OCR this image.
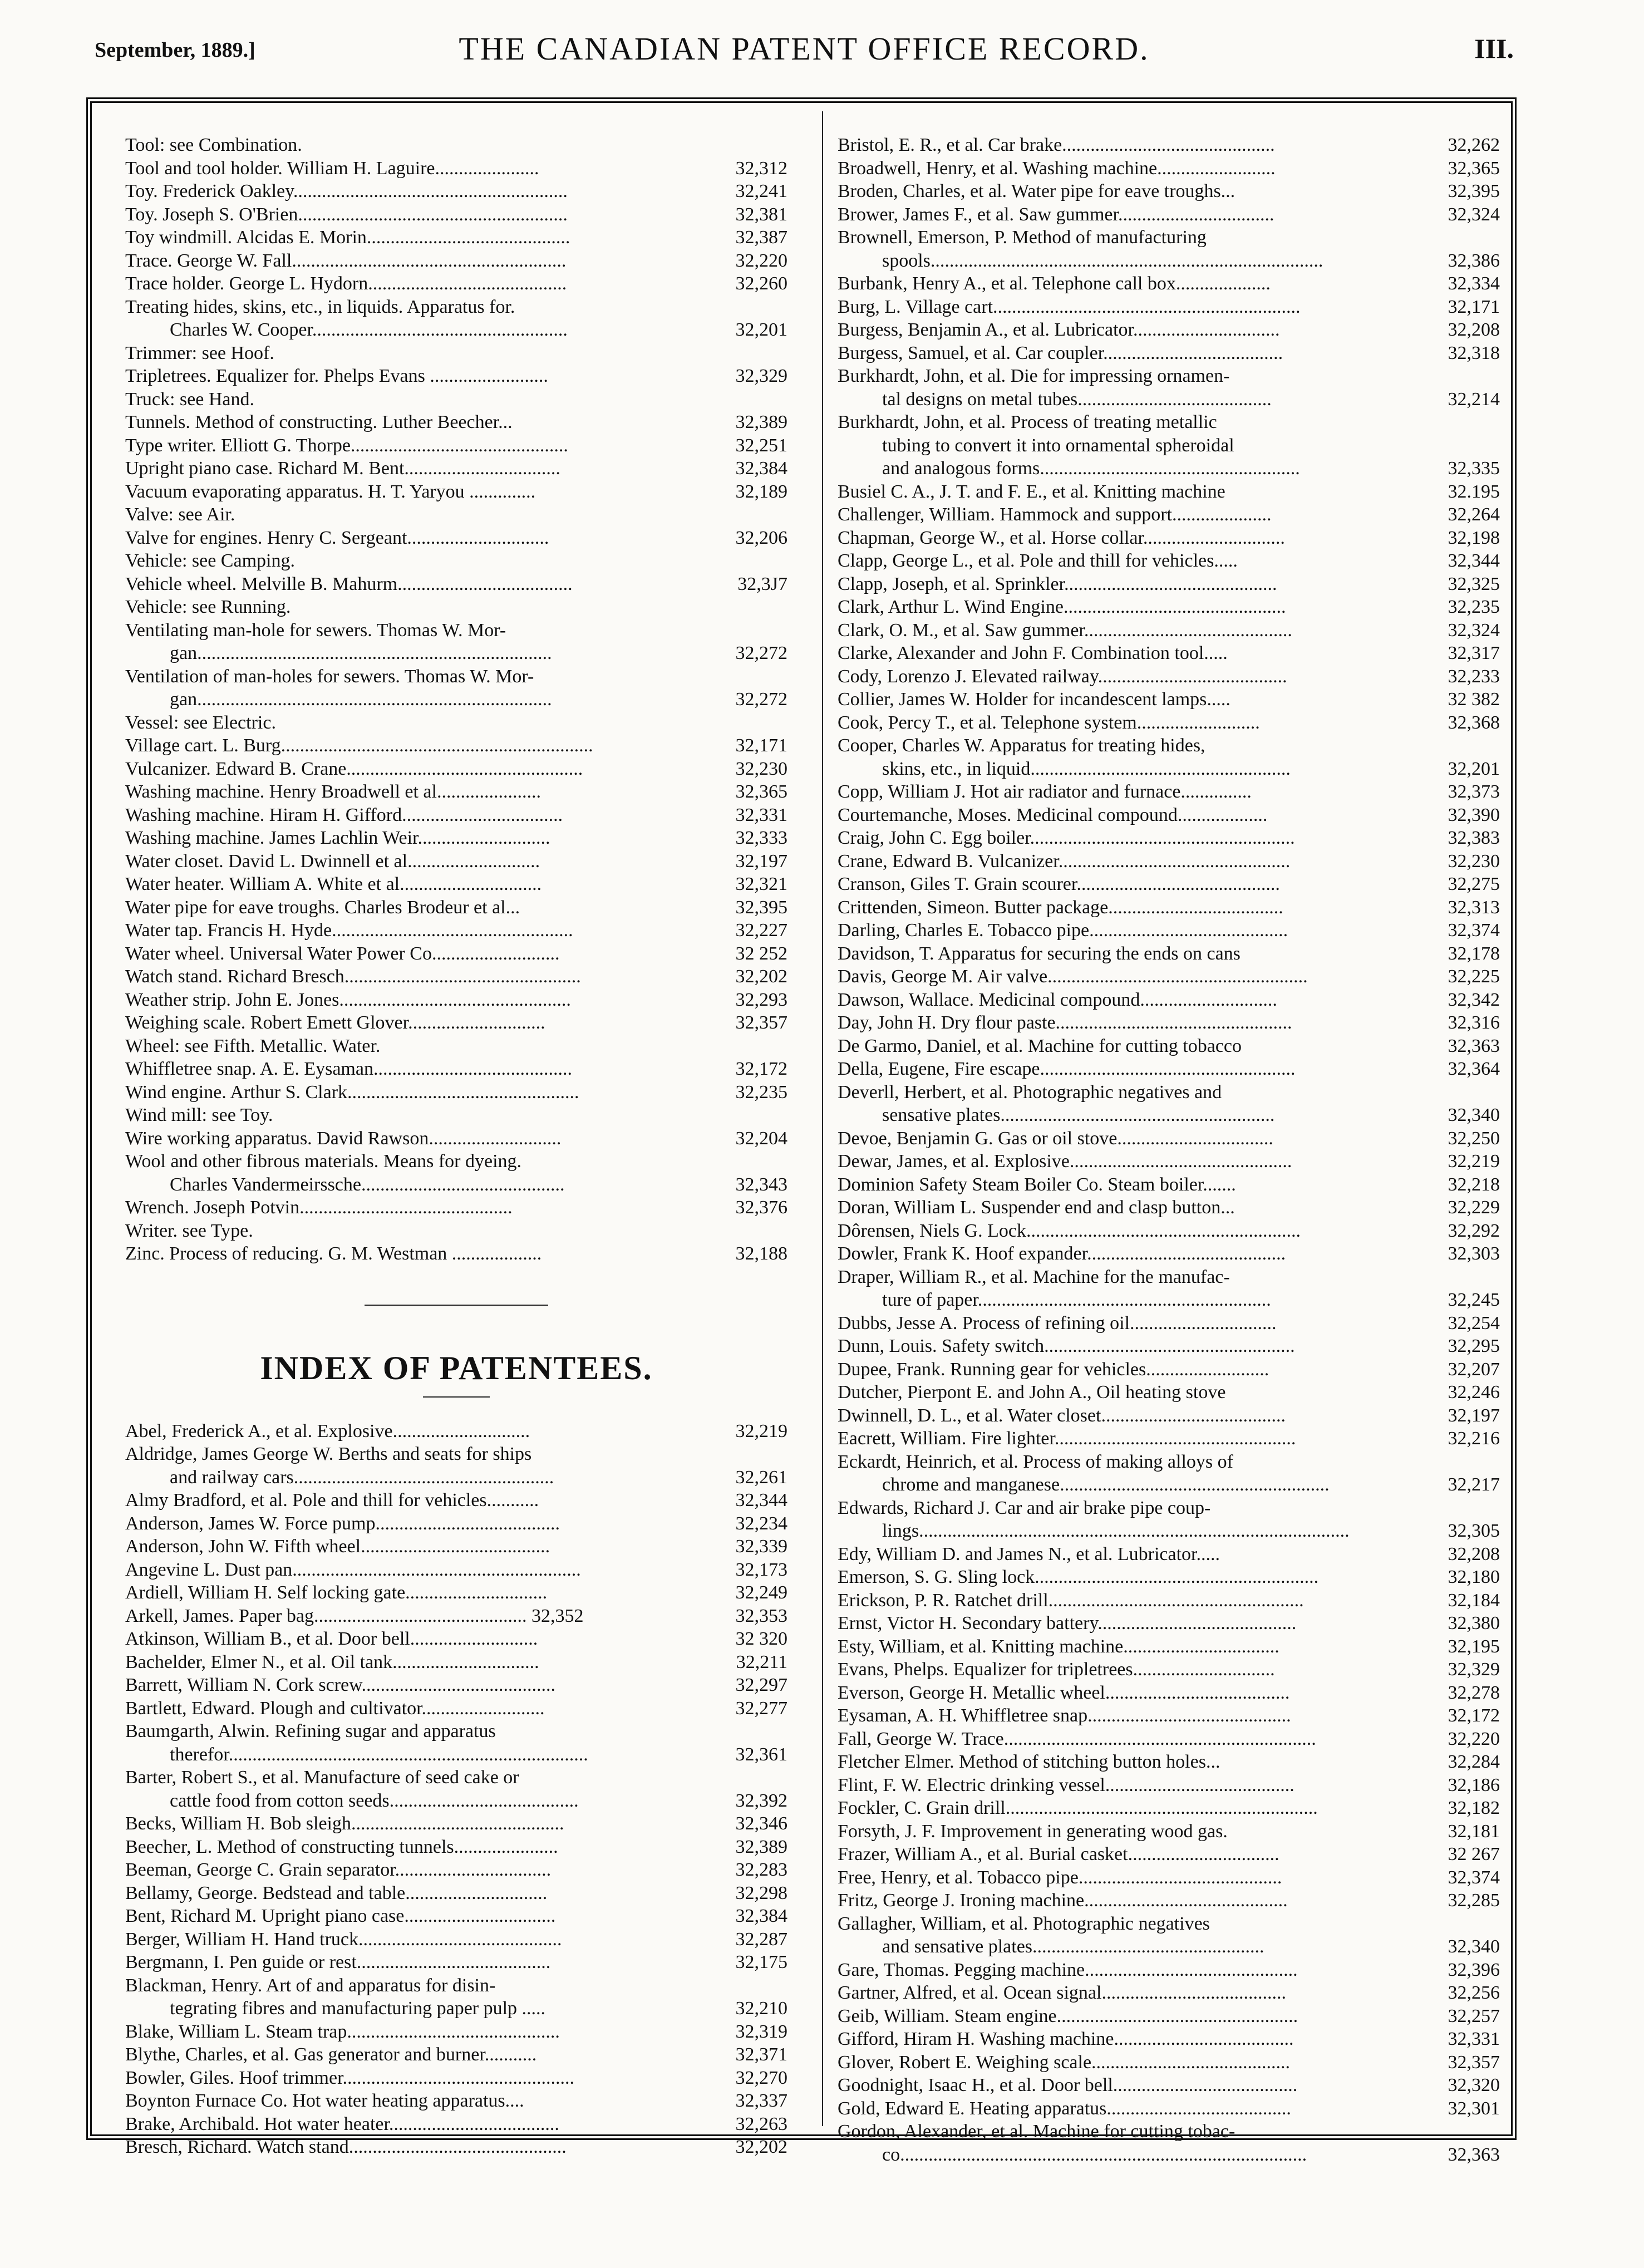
September, 1889.]	THE CANADIAN PATENT OFFICE RECORD.	III.
Tool: see Combination.
Tool and tool holder. William H. Laguire......................	32,312
Toy. Frederick Oakley..........................................................	32,241
Toy. Joseph S. O'Brien.........................................................	32,381
Toy windmill. Alcidas E. Morin...........................................	32,387
Trace. George W. Fall..........................................................	32,220
Trace holder. George L. Hydorn..........................................	32,260
Treating hides, skins, etc., in liquids. Apparatus for.
Charles W. Cooper......................................................	32,201
Trimmer: see Hoof.
Tripletrees. Equalizer for. Phelps Evans .........................	32,329
Truck: see Hand.
Tunnels. Method of constructing. Luther Beecher...	32,389
Type writer. Elliott G. Thorpe..............................................	32,251
Upright piano case. Richard M. Bent.................................	32,384
Vacuum evaporating apparatus. H. T. Yaryou ..............	32,189
Valve: see Air.
Valve for engines. Henry C. Sergeant..............................	32,206
Vehicle: see Camping.
Vehicle wheel. Melville B. Mahurm.....................................	32,3J7
Vehicle: see Running.
Ventilating man-hole for sewers. Thomas W. Mor-
gan...........................................................................	32,272
Ventilation of man-holes for sewers. Thomas W. Mor-
gan...........................................................................	32,272
Vessel: see Electric.
Village cart. L. Burg..................................................................	32,171
Vulcanizer. Edward B. Crane..................................................	32,230
Washing machine. Henry Broadwell et al......................	32,365
Washing machine. Hiram H. Gifford..................................	32,331
Washing machine. James Lachlin Weir............................	32,333
Water closet. David L. Dwinnell et al............................	32,197
Water heater. William A. White et al..............................	32,321
Water pipe for eave troughs. Charles Brodeur et al...	32,395
Water tap. Francis H. Hyde...................................................	32,227
Water wheel. Universal Water Power Co...........................	32 252
Watch stand. Richard Bresch..................................................	32,202
Weather strip. John E. Jones.................................................	32,293
Weighing scale. Robert Emett Glover.............................	32,357
Wheel: see Fifth. Metallic. Water.
Whiffletree snap. A. E. Eysaman..........................................	32,172
Wind engine. Arthur S. Clark.................................................	32,235
Wind mill: see Toy.
Wire working apparatus. David Rawson............................	32,204
Wool and other fibrous materials. Means for dyeing.
Charles Vandermeirssche...........................................	32,343
Wrench. Joseph Potvin.............................................	32,376
Writer. see Type.
Zinc. Process of reducing. G. M. Westman ...................	32,188
INDEX OF PATENTEES.
Abel, Frederick A., et al. Explosive.............................	32,219
Aldridge, James George W. Berths and seats for ships
and railway cars.......................................................	32,261
Almy Bradford, et al. Pole and thill for vehicles...........	32,344
Anderson, James W. Force pump.......................................	32,234
Anderson, John W. Fifth wheel........................................	32,339
Angevine L. Dust pan.............................................................	32,173
Ardiell, William H. Self locking gate..............................	32,249
Arkell, James. Paper bag............................................. 32,352	32,353
Atkinson, William B., et al. Door bell...........................	32 320
Bachelder, Elmer N., et al. Oil tank...............................	32,211
Barrett, William N. Cork screw.........................................	32,297
Bartlett, Edward. Plough and cultivator..........................	32,277
Baumgarth, Alwin. Refining sugar and apparatus
therefor............................................................................	32,361
Barter, Robert S., et al. Manufacture of seed cake or
cattle food from cotton seeds........................................	32,392
Becks, William H. Bob sleigh.............................................	32,346
Beecher, L. Method of constructing tunnels......................	32,389
Beeman, George C. Grain separator.................................	32,283
Bellamy, George. Bedstead and table..............................	32,298
Bent, Richard M. Upright piano case................................	32,384
Berger, William H. Hand truck...........................................	32,287
Bergmann, I. Pen guide or rest.........................................	32,175
Blackman, Henry. Art of and apparatus for disin-
tegrating fibres and manufacturing paper pulp .....	32,210
Blake, William L. Steam trap.............................................	32,319
Blythe, Charles, et al. Gas generator and burner...........	32,371
Bowler, Giles. Hoof trimmer.................................................	32,270
Boynton Furnace Co. Hot water heating apparatus....	32,337
Brake, Archibald. Hot water heater....................................	32,263
Bresch, Richard. Watch stand..............................................	32,202
Bristol, E. R., et al. Car brake.............................................	32,262
Broadwell, Henry, et al. Washing machine.........................	32,365
Broden, Charles, et al. Water pipe for eave troughs...	32,395
Brower, James F., et al. Saw gummer.................................	32,324
Brownell, Emerson, P. Method of manufacturing
spools...................................................................................	32,386
Burbank, Henry A., et al. Telephone call box....................	32,334
Burg, L. Village cart.................................................................	32,171
Burgess, Benjamin A., et al. Lubricator...............................	32,208
Burgess, Samuel, et al. Car coupler......................................	32,318
Burkhardt, John, et al. Die for impressing ornamen-
tal designs on metal tubes.........................................	32,214
Burkhardt, John, et al. Process of treating metallic
tubing to convert it into ornamental spheroidal
and analogous forms.......................................................	32,335
Busiel C. A., J. T. and F. E., et al. Knitting machine	32.195
Challenger, William. Hammock and support.....................	32,264
Chapman, George W., et al. Horse collar..............................	32,198
Clapp, George L., et al. Pole and thill for vehicles.....	32,344
Clapp, Joseph, et al. Sprinkler.............................................	32,325
Clark, Arthur L. Wind Engine...............................................	32,235
Clark, O. M., et al. Saw gummer............................................	32,324
Clarke, Alexander and John F. Combination tool.....	32,317
Cody, Lorenzo J. Elevated railway........................................	32,233
Collier, James W. Holder for incandescent lamps.....	32 382
Cook, Percy T., et al. Telephone system..........................	32,368
Cooper, Charles W. Apparatus for treating hides,
skins, etc., in liquid.......................................................	32,201
Copp, William J. Hot air radiator and furnace...............	32,373
Courtemanche, Moses. Medicinal compound...................	32,390
Craig, John C. Egg boiler........................................................	32,383
Crane, Edward B. Vulcanizer.................................................	32,230
Cranson, Giles T. Grain scourer...........................................	32,275
Crittenden, Simeon. Butter package.....................................	32,313
Darling, Charles E. Tobacco pipe..........................................	32,374
Davidson, T. Apparatus for securing the ends on cans	32,178
Davis, George M. Air valve.......................................................	32,225
Dawson, Wallace. Medicinal compound.............................	32,342
Day, John H. Dry flour paste..................................................	32,316
De Garmo, Daniel, et al. Machine for cutting tobacco	32,363
Della, Eugene, Fire escape......................................................	32,364
Deverll, Herbert, et al. Photographic negatives and
sensative plates..........................................................	32,340
Devoe, Benjamin G. Gas or oil stove.................................	32,250
Dewar, James, et al. Explosive...............................................	32,219
Dominion Safety Steam Boiler Co. Steam boiler.......	32,218
Doran, William L. Suspender end and clasp button...	32,229
Dôrensen, Niels G. Lock..........................................................	32,292
Dowler, Frank K. Hoof expander..........................................	32,303
Draper, William R., et al. Machine for the manufac-
ture of paper..............................................................	32,245
Dubbs, Jesse A. Process of refining oil...............................	32,254
Dunn, Louis. Safety switch.....................................................	32,295
Dupee, Frank. Running gear for vehicles..........................	32,207
Dutcher, Pierpont E. and John A., Oil heating stove	32,246
Dwinnell, D. L., et al. Water closet.......................................	32,197
Eacrett, William. Fire lighter...................................................	32,216
Eckardt, Heinrich, et al. Process of making alloys of
chrome and manganese.........................................................	32,217
Edwards, Richard J. Car and air brake pipe coup-
lings...........................................................................................	32,305
Edy, William D. and James N., et al. Lubricator.....	32,208
Emerson, S. G. Sling lock............................................................	32,180
Erickson, P. R. Ratchet drill......................................................	32,184
Ernst, Victor H. Secondary battery..........................................	32,380
Esty, William, et al. Knitting machine.................................	32,195
Evans, Phelps. Equalizer for tripletrees..............................	32,329
Everson, George H. Metallic wheel.......................................	32,278
Eysaman, A. H. Whiffletree snap...........................................	32,172
Fall, George W. Trace..................................................................	32,220
Fletcher Elmer. Method of stitching button holes...	32,284
Flint, F. W. Electric drinking vessel........................................	32,186
Fockler, C. Grain drill..................................................................	32,182
Forsyth, J. F. Improvement in generating wood gas.	32,181
Frazer, William A., et al. Burial casket................................	32 267
Free, Henry, et al. Tobacco pipe...........................................	32,374
Fritz, George J. Ironing machine...........................................	32,285
Gallagher, William, et al. Photographic negatives
and sensative plates.................................................	32,340
Gare, Thomas. Pegging machine.............................................	32,396
Gartner, Alfred, et al. Ocean signal.......................................	32,256
Geib, William. Steam engine...................................................	32,257
Gifford, Hiram H. Washing machine......................................	32,331
Glover, Robert E. Weighing scale..........................................	32,357
Goodnight, Isaac H., et al. Door bell.......................................	32,320
Gold, Edward E. Heating apparatus.......................................	32,301
Gordon, Alexander, et al. Machine for cutting tobac-
co......................................................................................	32,363
